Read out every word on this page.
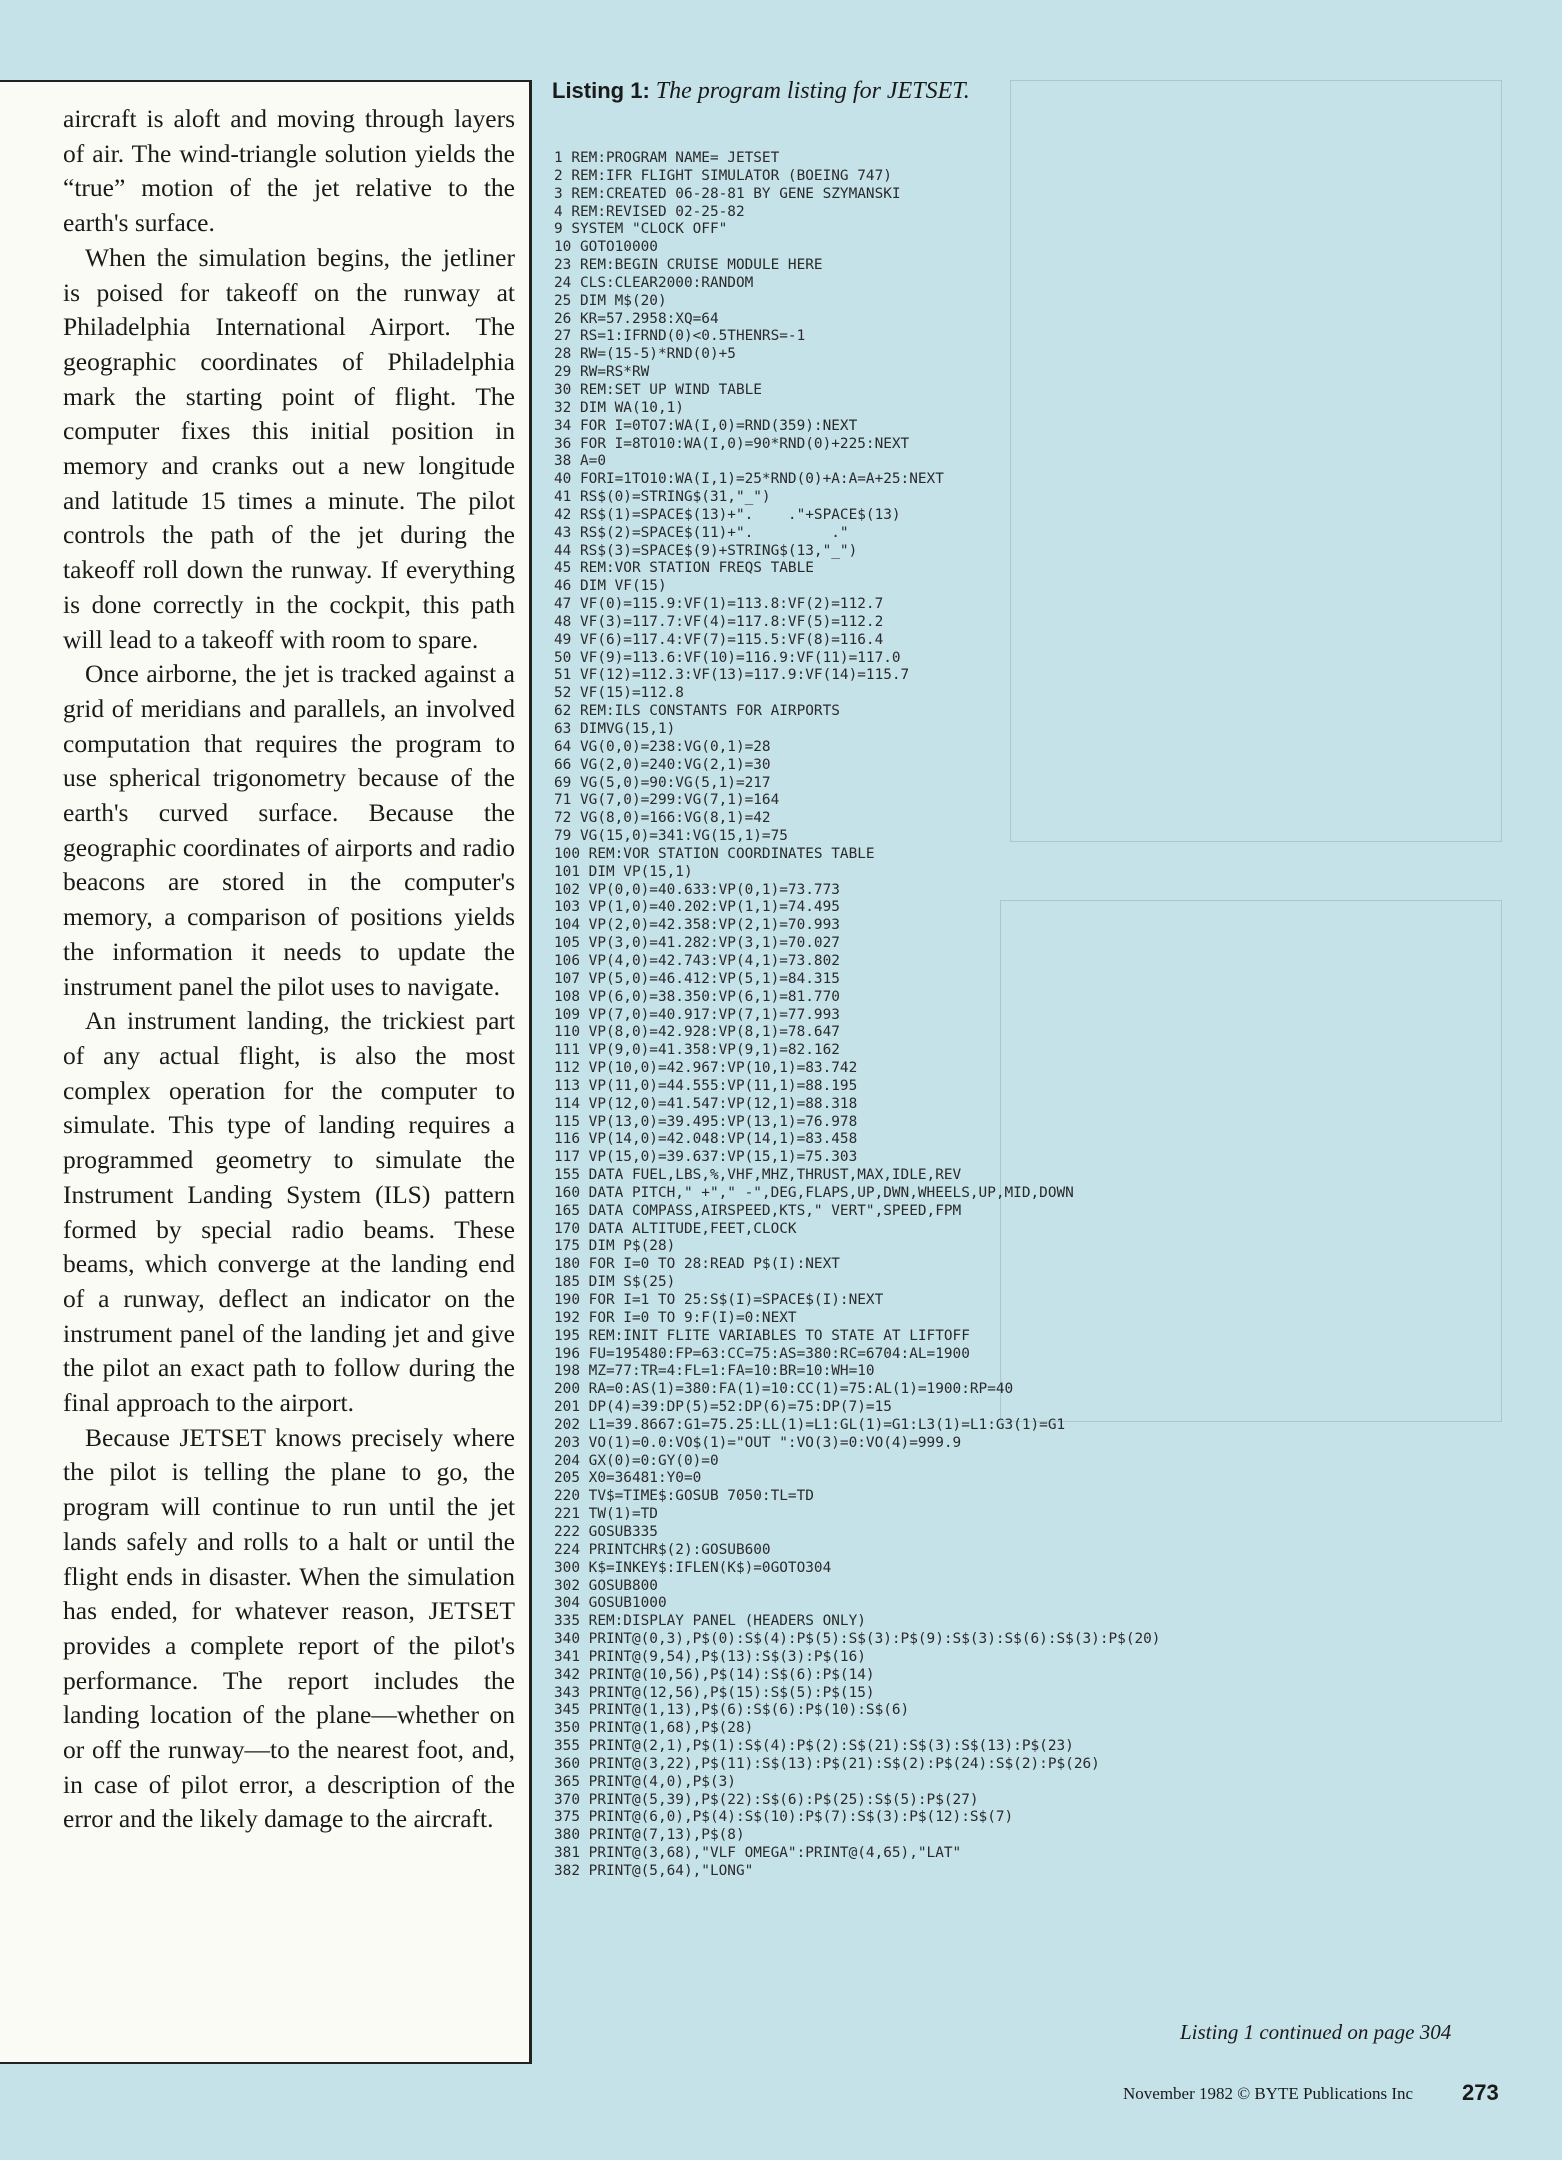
aircraft is aloft and moving through layers of air. The wind-triangle solution yields the “true” motion of the jet relative to the earth's surface.

When the simulation begins, the jetliner is poised for takeoff on the runway at Philadelphia International Airport. The geographic coordinates of Philadelphia mark the starting point of flight. The computer fixes this initial position in memory and cranks out a new longitude and latitude 15 times a minute. The pilot controls the path of the jet during the takeoff roll down the runway. If everything is done correctly in the cockpit, this path will lead to a takeoff with room to spare.

Once airborne, the jet is tracked against a grid of meridians and parallels, an involved computation that requires the program to use spherical trigonometry because of the earth's curved surface. Because the geographic coordinates of airports and radio beacons are stored in the computer's memory, a comparison of positions yields the information it needs to update the instrument panel the pilot uses to navigate.

An instrument landing, the trickiest part of any actual flight, is also the most complex operation for the computer to simulate. This type of landing requires a programmed geometry to simulate the Instrument Landing System (ILS) pattern formed by special radio beams. These beams, which converge at the landing end of a runway, deflect an indicator on the instrument panel of the landing jet and give the pilot an exact path to follow during the final approach to the airport.

Because JETSET knows precisely where the pilot is telling the plane to go, the program will continue to run until the jet lands safely and rolls to a halt or until the flight ends in disaster. When the simulation has ended, for whatever reason, JETSET provides a complete report of the pilot's performance. The report includes the landing location of the plane—whether on or off the runway—to the nearest foot, and, in case of pilot error, a description of the error and the likely damage to the aircraft.

Listing 1: The program listing for JETSET.
1 REM:PROGRAM NAME= JETSET
2 REM:IFR FLIGHT SIMULATOR (BOEING 747)
3 REM:CREATED 06-28-81 BY GENE SZYMANSKI
4 REM:REVISED 02-25-82
9 SYSTEM "CLOCK OFF"
10 GOTO10000
23 REM:BEGIN CRUISE MODULE HERE
24 CLS:CLEAR2000:RANDOM
25 DIM M$(20)
26 KR=57.2958:XQ=64
27 RS=1:IFRND(0)<0.5THENRS=-1
28 RW=(15-5)*RND(0)+5
29 RW=RS*RW
30 REM:SET UP WIND TABLE
32 DIM WA(10,1)
34 FOR I=0TO7:WA(I,0)=RND(359):NEXT
36 FOR I=8TO10:WA(I,0)=90*RND(0)+225:NEXT
38 A=0
40 FORI=1TO10:WA(I,1)=25*RND(0)+A:A=A+25:NEXT
41 RS$(0)=STRING$(31,"_")
42 RS$(1)=SPACE$(13)+".    ."+SPACE$(13)
43 RS$(2)=SPACE$(11)+".         ."
44 RS$(3)=SPACE$(9)+STRING$(13,"_")
45 REM:VOR STATION FREQS TABLE
46 DIM VF(15)
47 VF(0)=115.9:VF(1)=113.8:VF(2)=112.7
48 VF(3)=117.7:VF(4)=117.8:VF(5)=112.2
49 VF(6)=117.4:VF(7)=115.5:VF(8)=116.4
50 VF(9)=113.6:VF(10)=116.9:VF(11)=117.0
51 VF(12)=112.3:VF(13)=117.9:VF(14)=115.7
52 VF(15)=112.8
62 REM:ILS CONSTANTS FOR AIRPORTS
63 DIMVG(15,1)
64 VG(0,0)=238:VG(0,1)=28
66 VG(2,0)=240:VG(2,1)=30
69 VG(5,0)=90:VG(5,1)=217
71 VG(7,0)=299:VG(7,1)=164
72 VG(8,0)=166:VG(8,1)=42
79 VG(15,0)=341:VG(15,1)=75
100 REM:VOR STATION COORDINATES TABLE
101 DIM VP(15,1)
102 VP(0,0)=40.633:VP(0,1)=73.773
103 VP(1,0)=40.202:VP(1,1)=74.495
104 VP(2,0)=42.358:VP(2,1)=70.993
105 VP(3,0)=41.282:VP(3,1)=70.027
106 VP(4,0)=42.743:VP(4,1)=73.802
107 VP(5,0)=46.412:VP(5,1)=84.315
108 VP(6,0)=38.350:VP(6,1)=81.770
109 VP(7,0)=40.917:VP(7,1)=77.993
110 VP(8,0)=42.928:VP(8,1)=78.647
111 VP(9,0)=41.358:VP(9,1)=82.162
112 VP(10,0)=42.967:VP(10,1)=83.742
113 VP(11,0)=44.555:VP(11,1)=88.195
114 VP(12,0)=41.547:VP(12,1)=88.318
115 VP(13,0)=39.495:VP(13,1)=76.978
116 VP(14,0)=42.048:VP(14,1)=83.458
117 VP(15,0)=39.637:VP(15,1)=75.303
155 DATA FUEL,LBS,%,VHF,MHZ,THRUST,MAX,IDLE,REV
160 DATA PITCH," +"," -",DEG,FLAPS,UP,DWN,WHEELS,UP,MID,DOWN
165 DATA COMPASS,AIRSPEED,KTS," VERT",SPEED,FPM
170 DATA ALTITUDE,FEET,CLOCK
175 DIM P$(28)
180 FOR I=0 TO 28:READ P$(I):NEXT
185 DIM S$(25)
190 FOR I=1 TO 25:S$(I)=SPACE$(I):NEXT
192 FOR I=0 TO 9:F(I)=0:NEXT
195 REM:INIT FLITE VARIABLES TO STATE AT LIFTOFF
196 FU=195480:FP=63:CC=75:AS=380:RC=6704:AL=1900
198 MZ=77:TR=4:FL=1:FA=10:BR=10:WH=10
200 RA=0:AS(1)=380:FA(1)=10:CC(1)=75:AL(1)=1900:RP=40
201 DP(4)=39:DP(5)=52:DP(6)=75:DP(7)=15
202 L1=39.8667:G1=75.25:LL(1)=L1:GL(1)=G1:L3(1)=L1:G3(1)=G1
203 VO(1)=0.0:VO$(1)="OUT ":VO(3)=0:VO(4)=999.9
204 GX(0)=0:GY(0)=0
205 X0=36481:Y0=0
220 TV$=TIME$:GOSUB 7050:TL=TD
221 TW(1)=TD
222 GOSUB335
224 PRINTCHR$(2):GOSUB600
300 K$=INKEY$:IFLEN(K$)=0GOTO304
302 GOSUB800
304 GOSUB1000
335 REM:DISPLAY PANEL (HEADERS ONLY)
340 PRINT@(0,3),P$(0):S$(4):P$(5):S$(3):P$(9):S$(3):S$(6):S$(3):P$(20)
341 PRINT@(9,54),P$(13):S$(3):P$(16)
342 PRINT@(10,56),P$(14):S$(6):P$(14)
343 PRINT@(12,56),P$(15):S$(5):P$(15)
345 PRINT@(1,13),P$(6):S$(6):P$(10):S$(6)
350 PRINT@(1,68),P$(28)
355 PRINT@(2,1),P$(1):S$(4):P$(2):S$(21):S$(3):S$(13):P$(23)
360 PRINT@(3,22),P$(11):S$(13):P$(21):S$(2):P$(24):S$(2):P$(26)
365 PRINT@(4,0),P$(3)
370 PRINT@(5,39),P$(22):S$(6):P$(25):S$(5):P$(27)
375 PRINT@(6,0),P$(4):S$(10):P$(7):S$(3):P$(12):S$(7)
380 PRINT@(7,13),P$(8)
381 PRINT@(3,68),"VLF OMEGA":PRINT@(4,65),"LAT"
382 PRINT@(5,64),"LONG"
Listing 1 continued on page 304
November 1982 © BYTE Publications Inc 273
